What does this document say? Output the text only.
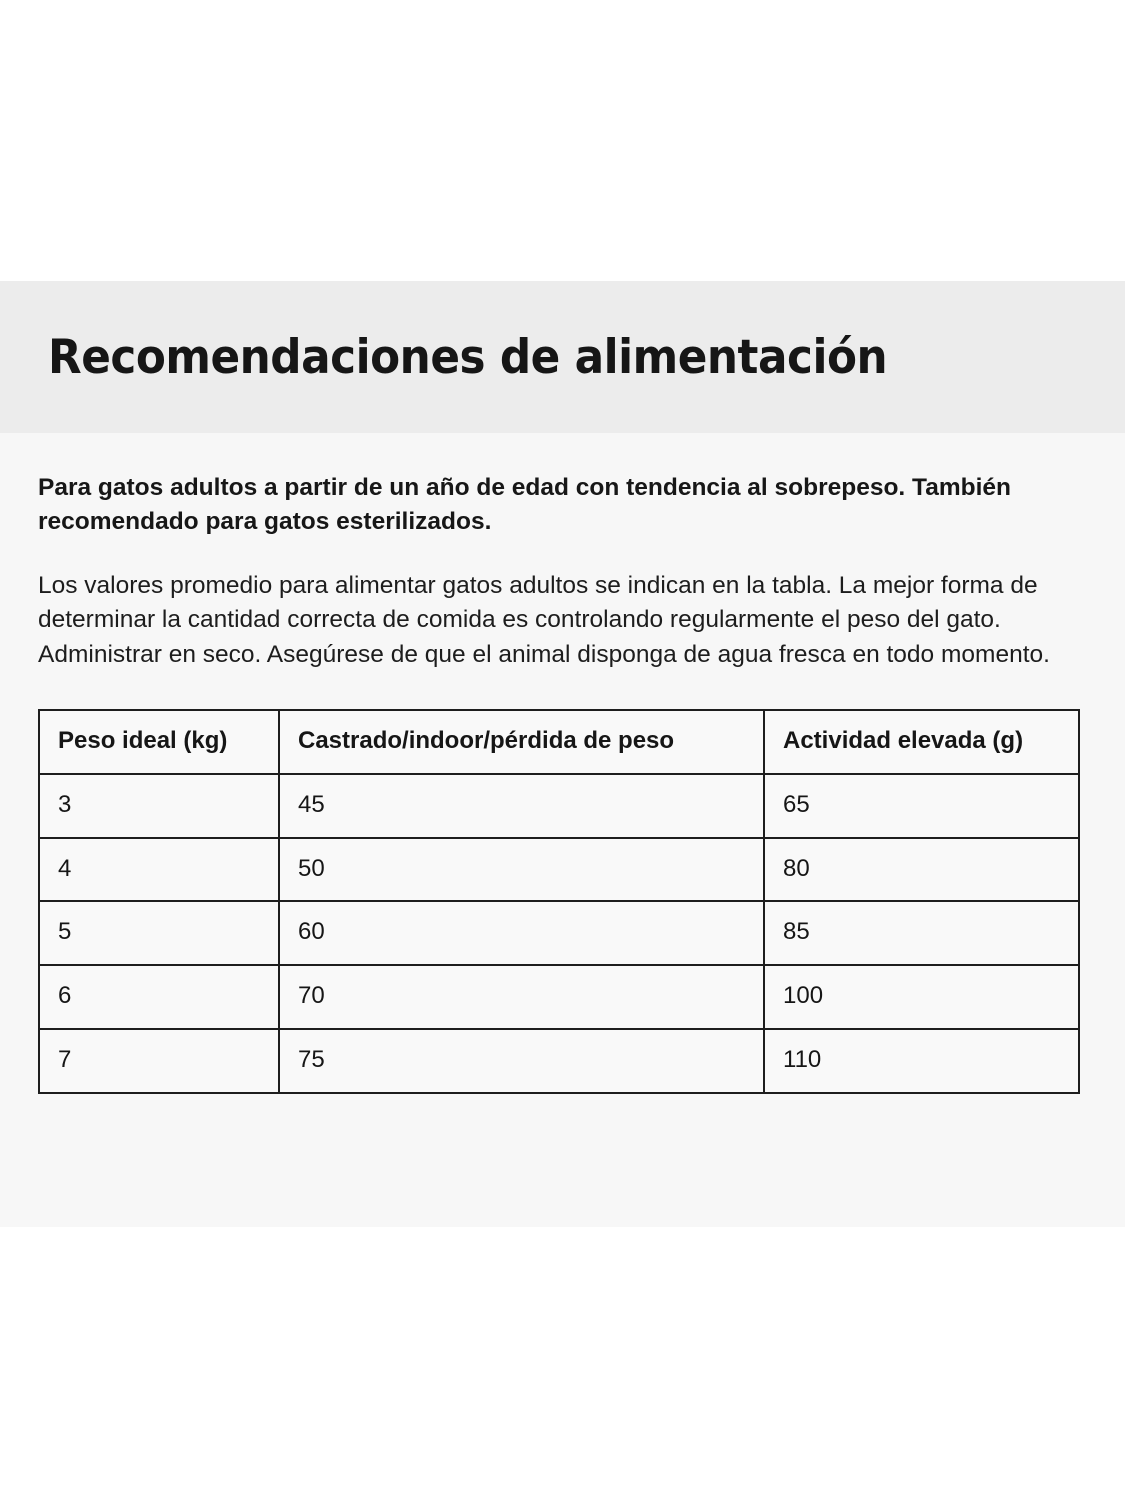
Recomendaciones de alimentación

Para gatos adultos a partir de un año de edad con tendencia al sobrepeso. También recomendado para gatos esterilizados.

Los valores promedio para alimentar gatos adultos se indican en la tabla. La mejor forma de determinar la cantidad correcta de comida es controlando regularmente el peso del gato. Administrar en seco. Asegúrese de que el animal disponga de agua fresca en todo momento.

Peso ideal (kg)	Castrado/indoor/pérdida de peso	Actividad elevada (g)
3	45	65
4	50	80
5	60	85
6	70	100
7	75	110
